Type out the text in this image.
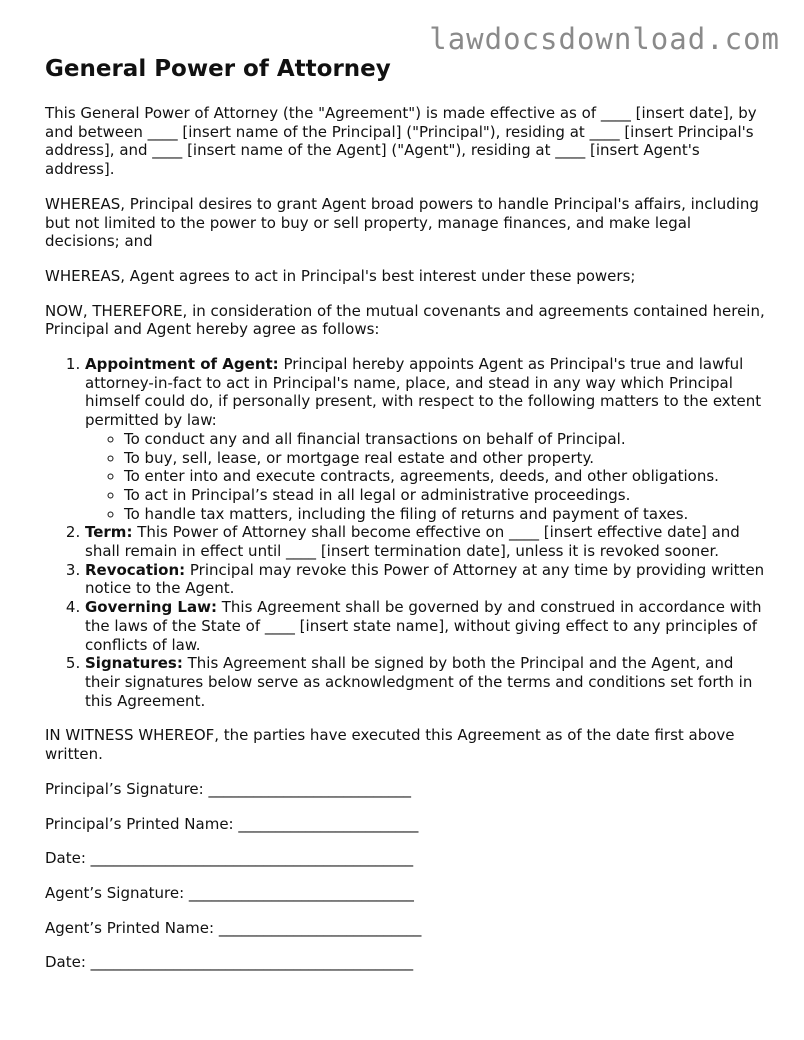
lawdocsdownload.com
General Power of Attorney

This General Power of Attorney (the "Agreement") is made effective as of ____ [insert date], by and between ____ [insert name of the Principal] ("Principal"), residing at ____ [insert Principal's address], and ____ [insert name of the Agent] ("Agent"), residing at ____ [insert Agent's address].

WHEREAS, Principal desires to grant Agent broad powers to handle Principal's affairs, including but not limited to the power to buy or sell property, manage finances, and make legal decisions; and

WHEREAS, Agent agrees to act in Principal's best interest under these powers;

NOW, THEREFORE, in consideration of the mutual covenants and agreements contained herein, Principal and Agent hereby agree as follows:

1. Appointment of Agent: Principal hereby appoints Agent as Principal's true and lawful attorney-in-fact to act in Principal's name, place, and stead in any way which Principal himself could do, if personally present, with respect to the following matters to the extent permitted by law:
◦ To conduct any and all financial transactions on behalf of Principal.
◦ To buy, sell, lease, or mortgage real estate and other property.
◦ To enter into and execute contracts, agreements, deeds, and other obligations.
◦ To act in Principal’s stead in all legal or administrative proceedings.
◦ To handle tax matters, including the filing of returns and payment of taxes.
2. Term: This Power of Attorney shall become effective on ____ [insert effective date] and shall remain in effect until ____ [insert termination date], unless it is revoked sooner.
3. Revocation: Principal may revoke this Power of Attorney at any time by providing written notice to the Agent.
4. Governing Law: This Agreement shall be governed by and construed in accordance with the laws of the State of ____ [insert state name], without giving effect to any principles of conflicts of law.
5. Signatures: This Agreement shall be signed by both the Principal and the Agent, and their signatures below serve as acknowledgment of the terms and conditions set forth in this Agreement.

IN WITNESS WHEREOF, the parties have executed this Agreement as of the date first above written.

Principal’s Signature: ___________________________
Principal’s Printed Name: ________________________
Date: ___________________________________________
Agent’s Signature: ______________________________
Agent’s Printed Name: ___________________________
Date: ___________________________________________
